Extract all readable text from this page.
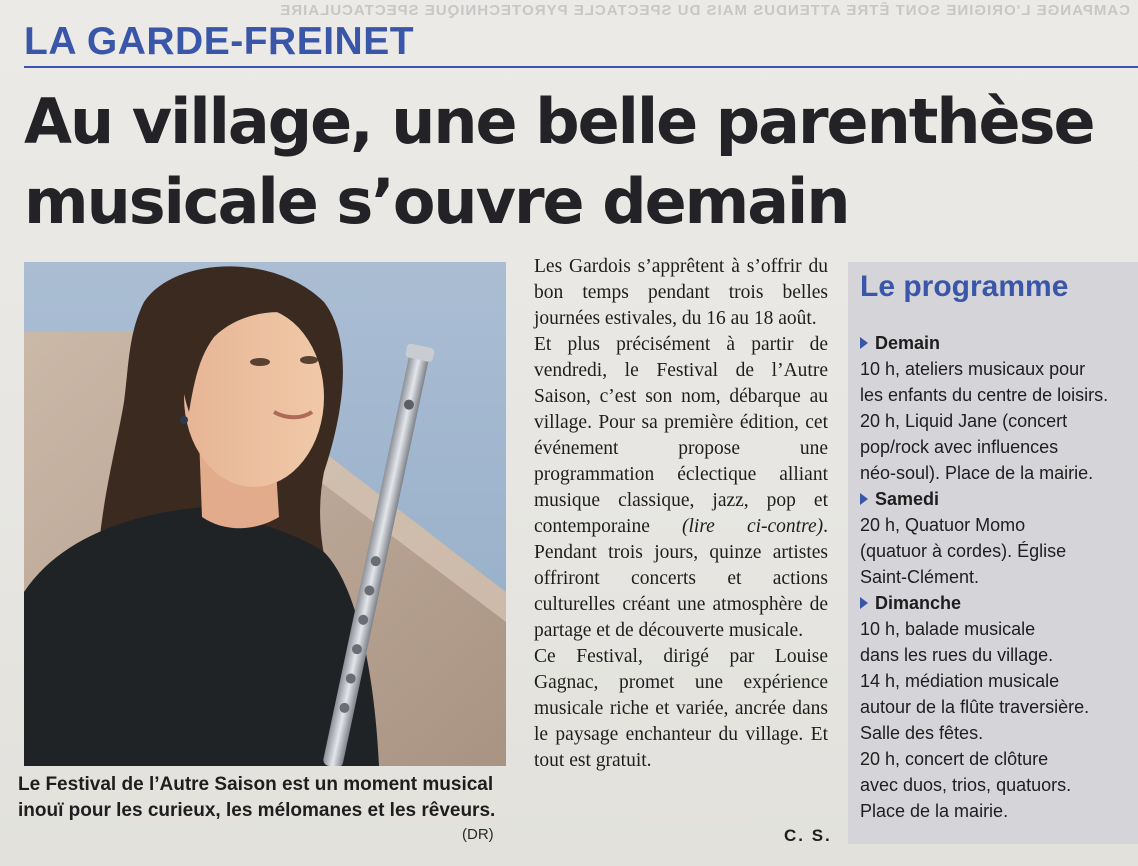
CAMPANGE L'ORIGINE SONT ÊTRE ATTENDUS MAIS DU SPECTACLE PYROTECHNIQUE SPECTACULAIRE
LA GARDE-FREINET
Au village, une belle parenthèse
musicale s’ouvre demain
Le Festival de l’Autre Saison est un moment musical inouï pour les curieux, les mélomanes et les rêveurs.
(DR)

Les Gardois s’apprêtent à s’offrir du bon temps pendant trois belles journées estivales, du 16 au 18 août.

Et plus précisément à partir de vendredi, le Festival de l’Autre Saison, c’est son nom, débarque au village. Pour sa première édition, cet événement propose une programmation éclectique alliant musique classique, jazz, pop et contemporaine (lire ci-contre). Pendant trois jours, quinze artistes offriront concerts et actions culturelles créant une atmosphère de partage et de découverte musicale.

Ce Festival, dirigé par Louise Gagnac, promet une expérience musicale riche et variée, ancrée dans le paysage enchanteur du village. Et tout est gratuit.

C. S.
Le programme
Demain
10 h, ateliers musicaux pour
les enfants du centre de loisirs.
20 h, Liquid Jane (concert
pop/rock avec influences
néo-soul). Place de la mairie.
Samedi
20 h, Quatuor Momo
(quatuor à cordes). Église
Saint-Clément.
Dimanche
10 h, balade musicale
dans les rues du village.
14 h, médiation musicale
autour de la flûte traversière.
Salle des fêtes.
20 h, concert de clôture
avec duos, trios, quatuors.
Place de la mairie.
